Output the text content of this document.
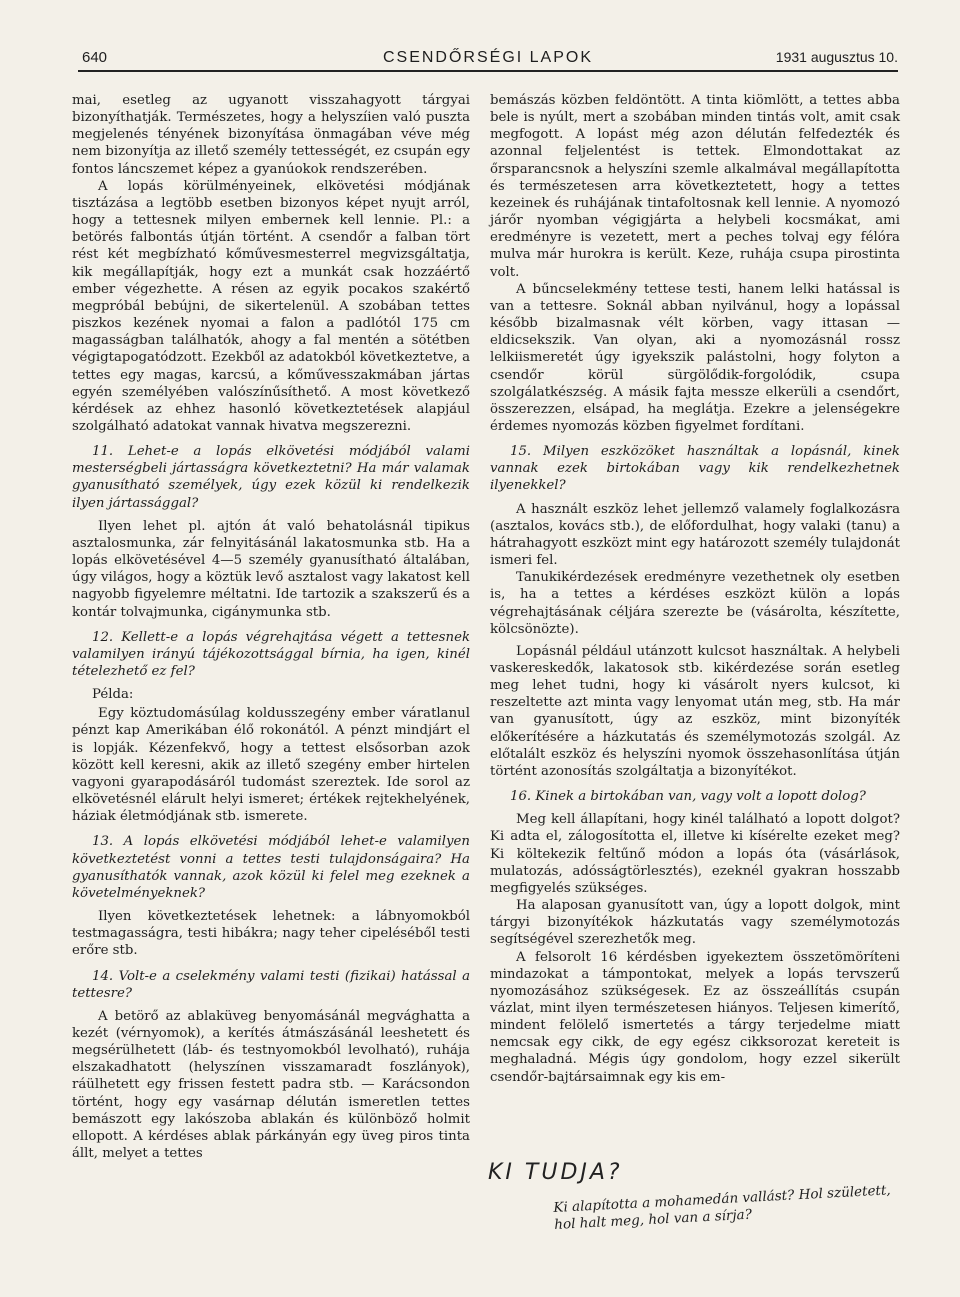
640	CSENDŐRSÉGI LAPOK	1931 augusztus 10.

mai, esetleg az ugyanott visszahagyott tárgyai bizonyíthatják. Természetes, hogy a helyszíien való puszta megjelenés tényének bizonyítása önmagában véve még nem bizonyítja az illető személy tettességét, ez csupán egy fontos láncszemet képez a gyanúokok rendszerében.

A lopás körülményeinek, elkövetési módjának tisztázása a legtöbb esetben bizonyos képet nyujt arról, hogy a tettesnek milyen embernek kell lennie. Pl.: a betörés falbontás útján történt. A csendőr a falban tört rést két megbízható kőművesmesterrel megvizsgáltatja, kik megállapítják, hogy ezt a munkát csak hozzáértő ember végezhette. A résen az egyik pocakos szakértő megpróbál bebújni, de sikertelenül. A szobában tettes piszkos kezének nyomai a falon a padlótól 175 cm magasságban találhatók, ahogy a fal mentén a sötétben végigtapogatódzott. Ezekből az adatokból következtetve, a tettes egy magas, karcsú, a kőművesszakmában jártas egyén személyében valószínűsíthető. A most következő kérdések az ehhez hasonló következtetések alapjául szolgálható adatokat vannak hivatva megszerezni.

11. Lehet-e a lopás elkövetési módjából valami mesterségbeli jártasságra következtetni? Ha már valamak gyanusítható személyek, úgy ezek közül ki rendelkezik ilyen jártassággal?

Ilyen lehet pl. ajtón át való behatolásnál tipikus asztalosmunka, zár felnyitásánál lakatosmunka stb. Ha a lopás elkövetésével 4—5 személy gyanusítható általában, úgy világos, hogy a köztük levő asztalost vagy lakatost kell nagyobb figyelemre méltatni. Ide tartozik a szakszerű és a kontár tolvajmunka, cigánymunka stb.

12. Kellett-e a lopás végrehajtása végett a tettesnek valamilyen irányú tájékozottsággal bírnia, ha igen, kinél tételezhető ez fel?

Példa:

Egy köztudomásúlag koldusszegény ember váratlanul pénzt kap Amerikában élő rokonától. A pénzt mindjárt el is lopják. Kézenfekvő, hogy a tettest elsősorban azok között kell keresni, akik az illető szegény ember hirtelen vagyoni gyarapodásáról tudomást szereztek. Ide sorol az elkövetésnél elárult helyi ismeret; értékek rejtekhelyének, háziak életmódjának stb. ismerete.

13. A lopás elkövetési módjából lehet-e valamilyen következtetést vonni a tettes testi tulajdonságaira? Ha gyanusíthatók vannak, azok közül ki felel meg ezeknek a követelményeknek?

Ilyen következtetések lehetnek: a lábnyomokból testmagasságra, testi hibákra; nagy teher cipeléséből testi erőre stb.

14. Volt-e a cselekmény valami testi (fizikai) hatással a tettesre?

A betörő az ablaküveg benyomásánál megvághatta a kezét (vérnyomok), a kerítés átmászásánál leeshetett és megsérülhetett (láb- és testnyomokból levolható), ruhája elszakadhatott (helyszínen visszamaradt foszlányok), ráülhetett egy frissen festett padra stb. — Karácsondon történt, hogy egy vasárnap délután ismeretlen tettes bemászott egy lakószoba ablakán és különböző holmit ellopott. A kérdéses ablak párkányán egy üveg piros tinta állt, melyet a tettes

bemászás közben feldöntött. A tinta kiömlött, a tettes abba bele is nyúlt, mert a szobában minden tintás volt, amit csak megfogott. A lopást még azon délután felfedezték és azonnal feljelentést is tettek. Elmondottakat az őrsparancsnok a helyszíni szemle alkalmával megállapította és természetesen arra következtetett, hogy a tettes kezeinek és ruhájának tintafoltosnak kell lennie. A nyomozó járőr nyomban végigjárta a helybeli kocsmákat, ami eredményre is vezetett, mert a peches tolvaj egy félóra mulva már hurokra is került. Keze, ruhája csupa pirostinta volt.

A bűncselekmény tettese testi, hanem lelki hatással is van a tettesre. Soknál abban nyilvánul, hogy a lopással később bizalmasnak vélt körben, vagy ittasan — eldicsekszik. Van olyan, aki a nyomozásnál rossz lelkiismeretét úgy igyekszik palástolni, hogy folyton a csendőr körül sürgölődik-forgolódik, csupa szolgálatkészség. A másik fajta messze elkerüli a csendőrt, összerezzen, elsápad, ha meglátja. Ezekre a jelenségekre érdemes nyomozás közben figyelmet fordítani.

15. Milyen eszközöket használtak a lopásnál, kinek vannak ezek birtokában vagy kik rendelkezhetnek ilyenekkel?

A használt eszköz lehet jellemző valamely foglalkozásra (asztalos, kovács stb.), de előfordulhat, hogy valaki (tanu) a hátrahagyott eszközt mint egy határozott személy tulajdonát ismeri fel.

Tanukikérdezések eredményre vezethetnek oly esetben is, ha a tettes a kérdéses eszközt külön a lopás végrehajtásának céljára szerezte be (vásárolta, készítette, kölcsönözte).

Lopásnál például utánzott kulcsot használtak. A helybeli vaskereskedők, lakatosok stb. kikérdezése során esetleg meg lehet tudni, hogy ki vásárolt nyers kulcsot, ki reszeltette azt minta vagy lenyomat után meg, stb. Ha már van gyanusított, úgy az eszköz, mint bizonyíték előkerítésére a házkutatás és személymotozás szolgál. Az előtalált eszköz és helyszíni nyomok összehasonlítása útján történt azonosítás szolgáltatja a bizonyítékot.

16. Kinek a birtokában van, vagy volt a lopott dolog?

Meg kell állapítani, hogy kinél található a lopott dolgot? Ki adta el, zálogosította el, illetve ki kísérelte ezeket meg? Ki költekezik feltűnő módon a lopás óta (vásárlások, mulatozás, adósságtörlesztés), ezeknél gyakran hosszabb megfigyelés szükséges.

Ha alaposan gyanusított van, úgy a lopott dolgok, mint tárgyi bizonyítékok házkutatás vagy személymotozás segítségével szerezhetők meg.

A felsorolt 16 kérdésben igyekeztem összetömöríteni mindazokat a támpontokat, melyek a lopás tervszerű nyomozásához szükségesek. Ez az összeállítás csupán vázlat, mint ilyen természetesen hiányos. Teljesen kimerítő, mindent felölelő ismertetés a tárgy terjedelme miatt nemcsak egy cikk, de egy egész cikksorozat kereteit is meghaladná. Mégis úgy gondolom, hogy ezzel sikerült csendőr-bajtársaimnak egy kis em-

KI TUDJA?
Ki alapította a mohamedán vallást? Hol született, hol halt meg, hol van a sírja?
